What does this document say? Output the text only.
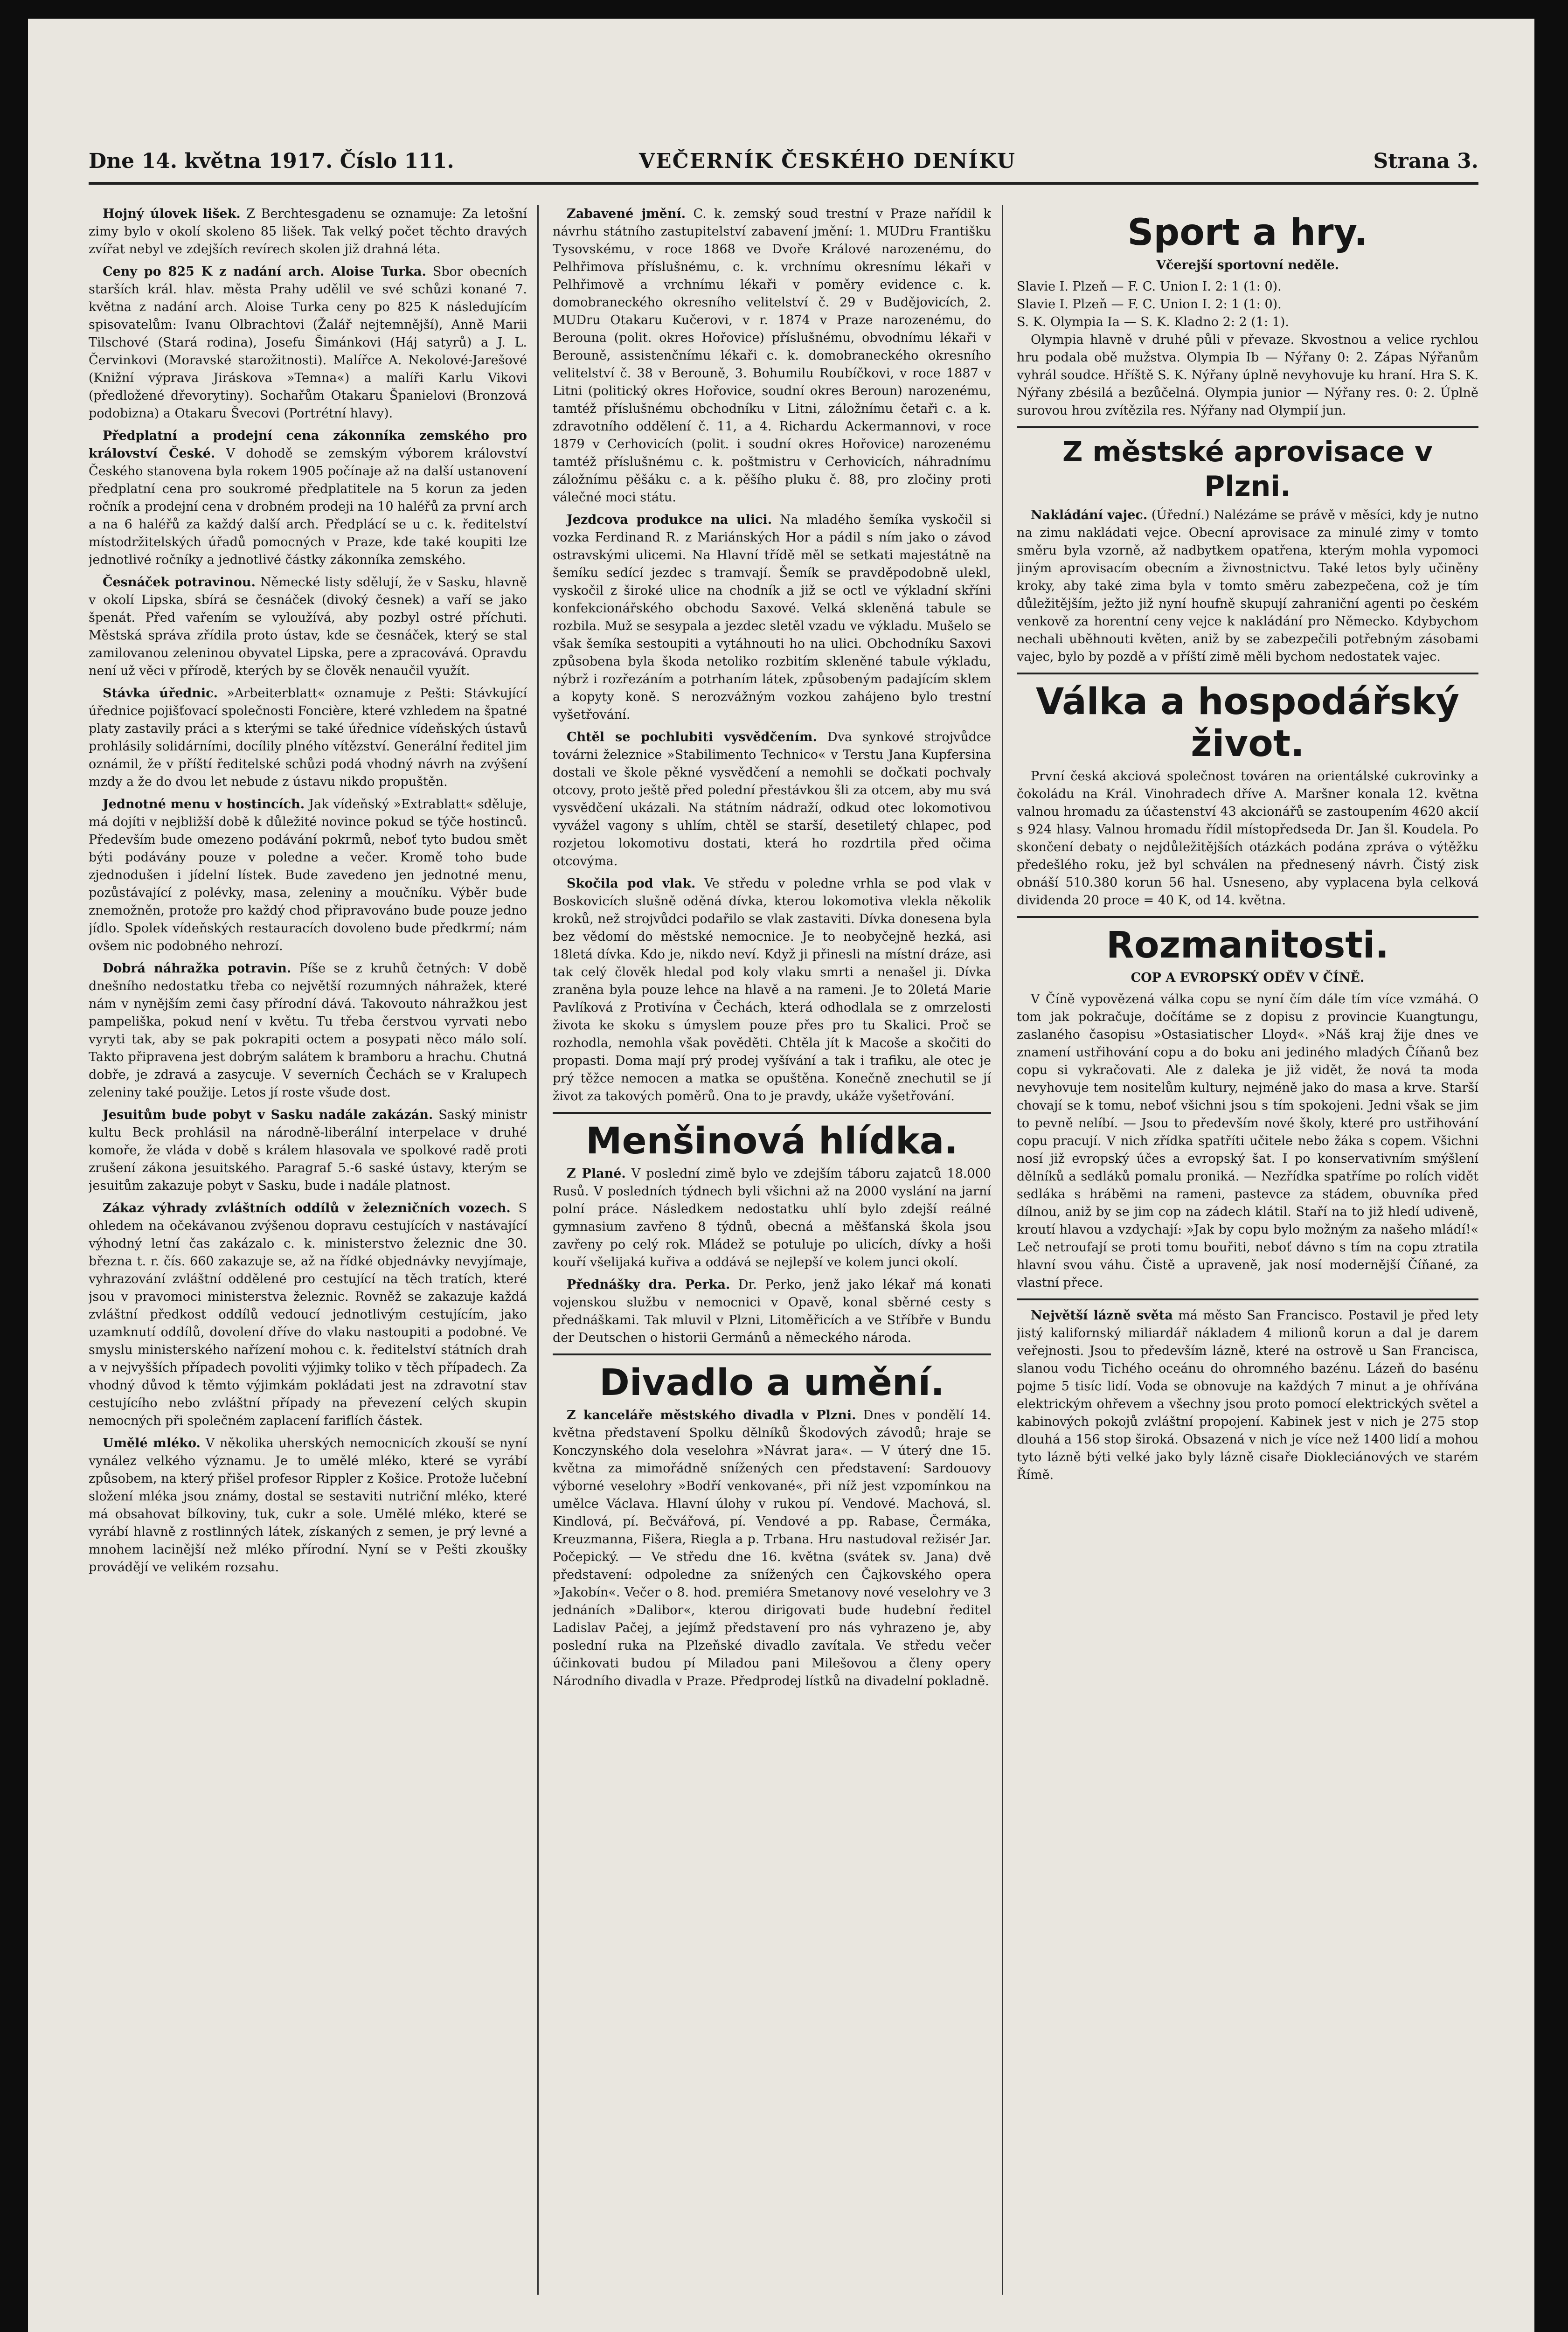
Dne 14. května 1917. Číslo 111.	VEČERNÍK ČESKÉHO DENÍKU	Strana 3.

Hojný úlovek lišek. Z Berchtesgadenu se oznamuje: Za letošní zimy bylo v okolí skoleno 85 lišek. Tak velký počet těchto dravých zvířat nebyl ve zdejších revírech skolen již drahná léta.

Ceny po 825 K z nadání arch. Aloise Turka. Sbor obecních starších král. hlav. města Prahy udělil ve své schůzi konané 7. května z nadání arch. Aloise Turka ceny po 825 K následujícím spisovatelům: Ivanu Olbrachtovi (Žalář nejtemnější), Anně Marii Tilschové (Stará rodina), Josefu Šimánkovi (Háj satyrů) a J. L. Červinkovi (Moravské starožitnosti). Malířce A. Nekolové-Jarešové (Knižní výprava Jiráskova »Temna«) a malíři Karlu Vikovi (předložené dřevorytiny). Sochařům Otakaru Španielovi (Bronzová podobizna) a Otakaru Švecovi (Portrétní hlavy).

Předplatní a prodejní cena zákonníka zemského pro království České. V dohodě se zemským výborem království Českého stanovena byla rokem 1905 počínaje až na další ustanovení předplatní cena pro soukromé předplatitele na 5 korun za jeden ročník a prodejní cena v drobném prodeji na 10 haléřů za první arch a na 6 haléřů za každý další arch. Předplácí se u c. k. ředitelství místodržitelských úřadů pomocných v Praze, kde také koupiti lze jednotlivé ročníky a jednotlivé částky zákonníka zemského.

Česnáček potravinou. Německé listy sdělují, že v Sasku, hlavně v okolí Lipska, sbírá se česnáček (divoký česnek) a vaří se jako špenát. Před vařením se vyloužívá, aby pozbyl ostré příchuti. Městská správa zřídila proto ústav, kde se česnáček, který se stal zamilovanou zeleninou obyvatel Lipska, pere a zpracovává. Opravdu není už věci v přírodě, kterých by se člověk nenaučil využít.

Stávka úřednic. »Arbeiterblatt« oznamuje z Pešti: Stávkující úřednice pojišťovací společnosti Foncière, které vzhledem na špatné platy zastavily práci a s kterými se také úřednice vídeňských ústavů prohlásily solidárními, docílily plného vítězství. Generální ředitel jim oznámil, že v příští ředitelské schůzi podá vhodný návrh na zvýšení mzdy a že do dvou let nebude z ústavu nikdo propuštěn.

Jednotné menu v hostincích. Jak vídeňský »Extrablatt« sděluje, má dojíti v nejbližší době k důležité novince pokud se týče hostinců. Především bude omezeno podávání pokrmů, neboť tyto budou smět býti podávány pouze v poledne a večer. Kromě toho bude zjednodušen i jídelní lístek. Bude zavedeno jen jednotné menu, pozůstávající z polévky, masa, zeleniny a moučníku. Výběr bude znemožněn, protože pro každý chod připravováno bude pouze jedno jídlo. Spolek vídeňských restauracích dovoleno bude předkrmí; nám ovšem nic podobného nehrozí.

Dobrá náhražka potravin. Píše se z kruhů četných: V době dnešního nedostatku třeba co největší rozumných náhražek, které nám v nynějším zemi časy přírodní dává. Takovouto náhražkou jest pampeliška, pokud není v květu. Tu třeba čerstvou vyrvati nebo vyryti tak, aby se pak pokrapiti octem a posypati něco málo solí. Takto připravena jest dobrým salátem k bramboru a hrachu. Chutná dobře, je zdravá a zasycuje. V severních Čechách se v Kralupech zeleniny také použije. Letos jí roste všude dost.

Jesuitům bude pobyt v Sasku nadále zakázán. Saský ministr kultu Beck prohlásil na národně-liberální interpelace v druhé komoře, že vláda v době s králem hlasovala ve spolkové radě proti zrušení zákona jesuitského. Paragraf 5.-6 saské ústavy, kterým se jesuitům zakazuje pobyt v Sasku, bude i nadále platnost.

Zákaz výhrady zvláštních oddílů v železničních vozech. S ohledem na očekávanou zvýšenou dopravu cestujících v nastávající výhodný letní čas zakázalo c. k. ministerstvo železnic dne 30. března t. r. čís. 660 zakazuje se, až na řídké objednávky nevyjímaje, vyhrazování zvláštní oddělené pro cestující na těch tratích, které jsou v pravomoci ministerstva železnic. Rovněž se zakazuje každá zvláštní předkost oddílů vedoucí jednotlivým cestujícím, jako uzamknutí oddílů, dovolení dříve do vlaku nastoupiti a podobné. Ve smyslu ministerského nařízení mohou c. k. ředitelství státních drah a v nejvyšších případech povoliti výjimky toliko v těch případech. Za vhodný důvod k těmto výjimkám pokládati jest na zdravotní stav cestujícího nebo zvláštní případy na převezení celých skupin nemocných při společném zaplacení fariflích částek.

Umělé mléko. V několika uherských nemocnicích zkouší se nyní vynález velkého významu. Je to umělé mléko, které se vyrábí způsobem, na který přišel profesor Rippler z Košice. Protože lučební složení mléka jsou známy, dostal se sestaviti nutriční mléko, které má obsahovat bílkoviny, tuk, cukr a sole. Umělé mléko, které se vyrábí hlavně z rostlinných látek, získaných z semen, je prý levné a mnohem lacinější než mléko přírodní. Nyní se v Pešti zkoušky provádějí ve velikém rozsahu.

Zabavené jmění. C. k. zemský soud trestní v Praze nařídil k návrhu státního zastupitelství zabavení jmění: 1. MUDru Františku Tysovskému, v roce 1868 ve Dvoře Králové narozenému, do Pelhřimova příslušnému, c. k. vrchnímu okresnímu lékaři v Pelhřimově a vrchnímu lékaři v poměry evidence c. k. domobraneckého okresního velitelství č. 29 v Budějovicích, 2. MUDru Otakaru Kučerovi, v r. 1874 v Praze narozenému, do Berouna (polit. okres Hořovice) příslušnému, obvodnímu lékaři v Berouně, assistenčnímu lékaři c. k. domobraneckého okresního velitelství č. 38 v Berouně, 3. Bohumilu Roubíčkovi, v roce 1887 v Litni (politický okres Hořovice, soudní okres Beroun) narozenému, tamtéž příslušnému obchodníku v Litni, záložnímu četaři c. a k. zdravotního oddělení č. 11, a 4. Richardu Ackermannovi, v roce 1879 v Cerhovicích (polit. i soudní okres Hořovice) narozenému tamtéž příslušnému c. k. poštmistru v Cerhovicích, náhradnímu záložnímu pěšáku c. a k. pěšího pluku č. 88, pro zločiny proti válečné moci státu.

Jezdcova produkce na ulici. Na mladého šemíka vyskočil si vozka Ferdinand R. z Mariánských Hor a pádil s ním jako o závod ostravskými ulicemi. Na Hlavní třídě měl se setkati majestátně na šemíku sedící jezdec s tramvají. Šemík se pravděpodobně ulekl, vyskočil z široké ulice na chodník a již se octl ve výkladní skříni konfekcionářského obchodu Saxové. Velká skleněná tabule se rozbila. Muž se sesypala a jezdec sletěl vzadu ve výkladu. Mušelo se však šemíka sestoupiti a vytáhnouti ho na ulici. Obchodníku Saxovi způsobena byla škoda netoliko rozbitím skleněné tabule výkladu, nýbrž i rozřezáním a potrhaním látek, způsobeným padajícím sklem a kopyty koně. S nerozvážným vozkou zahájeno bylo trestní vyšetřování.

Chtěl se pochlubiti vysvědčením. Dva synkové strojvůdce továrni železnice »Stabilimento Technico« v Terstu Jana Kupfersina dostali ve škole pěkné vysvědčení a nemohli se dočkati pochvaly otcovy, proto ještě před polední přestávkou šli za otcem, aby mu svá vysvědčení ukázali. Na státním nádraží, odkud otec lokomotivou vyvážel vagony s uhlím, chtěl se starší, desetiletý chlapec, pod rozjetou lokomotivu dostati, která ho rozdrtila před očima otcovýma.

Skočila pod vlak. Ve středu v poledne vrhla se pod vlak v Boskovicích slušně oděná dívka, kterou lokomotiva vlekla několik kroků, než strojvůdci podařilo se vlak zastaviti. Dívka donesena byla bez vědomí do městské nemocnice. Je to neobyčejně hezká, asi 18letá dívka. Kdo je, nikdo neví. Když ji přinesli na místní dráze, asi tak celý člověk hledal pod koly vlaku smrti a nenašel ji. Dívka zraněna byla pouze lehce na hlavě a na rameni. Je to 20letá Marie Pavlíková z Protivína v Čechách, která odhodlala se z omrzelosti života ke skoku s úmyslem pouze přes pro tu Skalici. Proč se rozhodla, nemohla však pověděti. Chtěla jít k Macoše a skočiti do propasti. Doma mají prý prodej vyšívání a tak i trafiku, ale otec je prý těžce nemocen a matka se opuštěna. Konečně znechutil se jí život za takových poměrů. Ona to je pravdy, ukáže vyšetřování.

Menšinová hlídka.

Z Plané. V poslední zimě bylo ve zdejším táboru zajatců 18.000 Rusů. V posledních týdnech byli všichni až na 2000 vyslání na jarní polní práce. Následkem nedostatku uhlí bylo zdejší reálné gymnasium zavřeno 8 týdnů, obecná a měšťanská škola jsou zavřeny po celý rok. Mládež se potuluje po ulicích, dívky a hoši kouří všelijaká kuřiva a oddává se nejlepší ve kolem junci okolí.

Přednášky dra. Perka. Dr. Perko, jenž jako lékař má konati vojenskou službu v nemocnici v Opavě, konal sběrné cesty s přednáškami. Tak mluvil v Plzni, Litoměřicích a ve Stříbře v Bundu der Deutschen o historii Germánů a německého národa.

Divadlo a umění.

Z kanceláře městského divadla v Plzni. Dnes v pondělí 14. května představení Spolku dělníků Škodových závodů; hraje se Konczynského dola veselohra »Návrat jara«. — V úterý dne 15. května za mimořádně snížených cen představení: Sardouovy výborné veselohry »Bodří venkované«, při níž jest vzpomínkou na umělce Václava. Hlavní úlohy v rukou pí. Vendové. Machová, sl. Kindlová, pí. Bečvářová, pí. Vendové a pp. Rabase, Čermáka, Kreuzmanna, Fišera, Riegla a p. Trbana. Hru nastudoval režisér Jar. Počepický. — Ve středu dne 16. května (svátek sv. Jana) dvě představení: odpoledne za snížených cen Čajkovského opera »Jakobín«. Večer o 8. hod. premiéra Smetanovy nové veselohry ve 3 jednáních »Dalibor«, kterou dirigovati bude hudební ředitel Ladislav Pačej, a jejímž představení pro nás vyhrazeno je, aby poslední ruka na Plzeňské divadlo zavítala. Ve středu večer účinkovati budou pí Miladou pani Milešovou a členy opery Národního divadla v Praze. Předprodej lístků na divadelní pokladně.

Sport a hry.
Včerejší sportovní neděle.
Slavie I. Plzeň — F. C. Union I. 2: 1 (1: 0).
Slavie I. Plzeň — F. C. Union I. 2: 1 (1: 0).
S. K. Olympia Ia — S. K. Kladno 2: 2 (1: 1).

Olympia hlavně v druhé půli v převaze. Skvostnou a velice rychlou hru podala obě mužstva. Olympia Ib — Nýřany 0: 2. Zápas Nýřanům vyhrál soudce. Hříště S. K. Nýřany úplně nevyhovuje ku hraní. Hra S. K. Nýřany zbésilá a bezůčelná. Olympia junior — Nýřany res. 0: 2. Úplně surovou hrou zvítězila res. Nýřany nad Olympií jun.

Z městské aprovisace v Plzni.

Nakládání vajec. (Úřední.) Nalézáme se právě v měsíci, kdy je nutno na zimu nakládati vejce. Obecní aprovisace za minulé zimy v tomto směru byla vzorně, až nadbytkem opatřena, kterým mohla vypomoci jiným aprovisacím obecním a živnostnictvu. Také letos byly učiněny kroky, aby také zima byla v tomto směru zabezpečena, což je tím důležitějším, ježto již nyní houfně skupují zahraniční agenti po českém venkově za horentní ceny vejce k nakládání pro Německo. Kdybychom nechali uběhnouti květen, aniž by se zabezpečili potřebným zásobami vajec, bylo by pozdě a v příští zimě měli bychom nedostatek vajec.

Válka a hospodářský život.

První česká akciová společnost továren na orientálské cukrovinky a čokoládu na Král. Vinohradech dříve A. Maršner konala 12. května valnou hromadu za účastenství 43 akcionářů se zastoupením 4620 akcií s 924 hlasy. Valnou hromadu řídil místopředseda Dr. Jan šl. Koudela. Po skončení debaty o nejdůležitějších otázkách podána zpráva o výtěžku předešlého roku, jež byl schválen na přednesený návrh. Čistý zisk obnáší 510.380 korun 56 hal. Usneseno, aby vyplacena byla celková dividenda 20 proce = 40 K, od 14. května.

Rozmanitosti.
COP A EVROPSKÝ ODĚV V ČÍNĚ.

V Číně vypovězená válka copu se nyní čím dále tím více vzmáhá. O tom jak pokračuje, dočítáme se z dopisu z provincie Kuangtungu, zaslaného časopisu »Ostasiatischer Lloyd«. »Náš kraj žije dnes ve znamení ustřihování copu a do boku ani jediného mladých Číňanů bez copu si vykračovati. Ale z daleka je již vidět, že nová ta moda nevyhovuje tem nositelům kultury, nejméně jako do masa a krve. Starší chovají se k tomu, neboť všichni jsou s tím spokojeni. Jedni však se jim to pevně nelíbí. — Jsou to především nové školy, které pro ustřihování copu pracují. V nich zřídka spatříti učitele nebo žáka s copem. Všichni nosí již evropský účes a evropský šat. I po konservativním smýšlení dělníků a sedláků pomalu proniká. — Nezřídka spatříme po rolích vidět sedláka s hráběmi na rameni, pastevce za stádem, obuvníka před dílnou, aniž by se jim cop na zádech klátil. Staří na to již hledí udiveně, kroutí hlavou a vzdychají: »Jak by copu bylo možným za našeho mládí!« Leč netroufají se proti tomu bouřiti, neboť dávno s tím na copu ztratila hlavní svou váhu. Čistě a upraveně, jak nosí modernější Číňané, za vlastní přece.

Největší lázně světa má město San Francisco. Postavil je před lety jistý kalifornský miliardář nákladem 4 milionů korun a dal je darem veřejnosti. Jsou to především lázně, které na ostrově u San Francisca, slanou vodu Tichého oceánu do ohromného bazénu. Lázeň do basénu pojme 5 tisíc lidí. Voda se obnovuje na každých 7 minut a je ohřívána elektrickým ohřevem a všechny jsou proto pomocí elektrických světel a kabinových pokojů zvláštní propojení. Kabinek jest v nich je 275 stop dlouhá a 156 stop široká. Obsazená v nich je více než 1400 lidí a mohou tyto lázně býti velké jako byly lázně cisaře Diokleciánových ve starém Římě.
